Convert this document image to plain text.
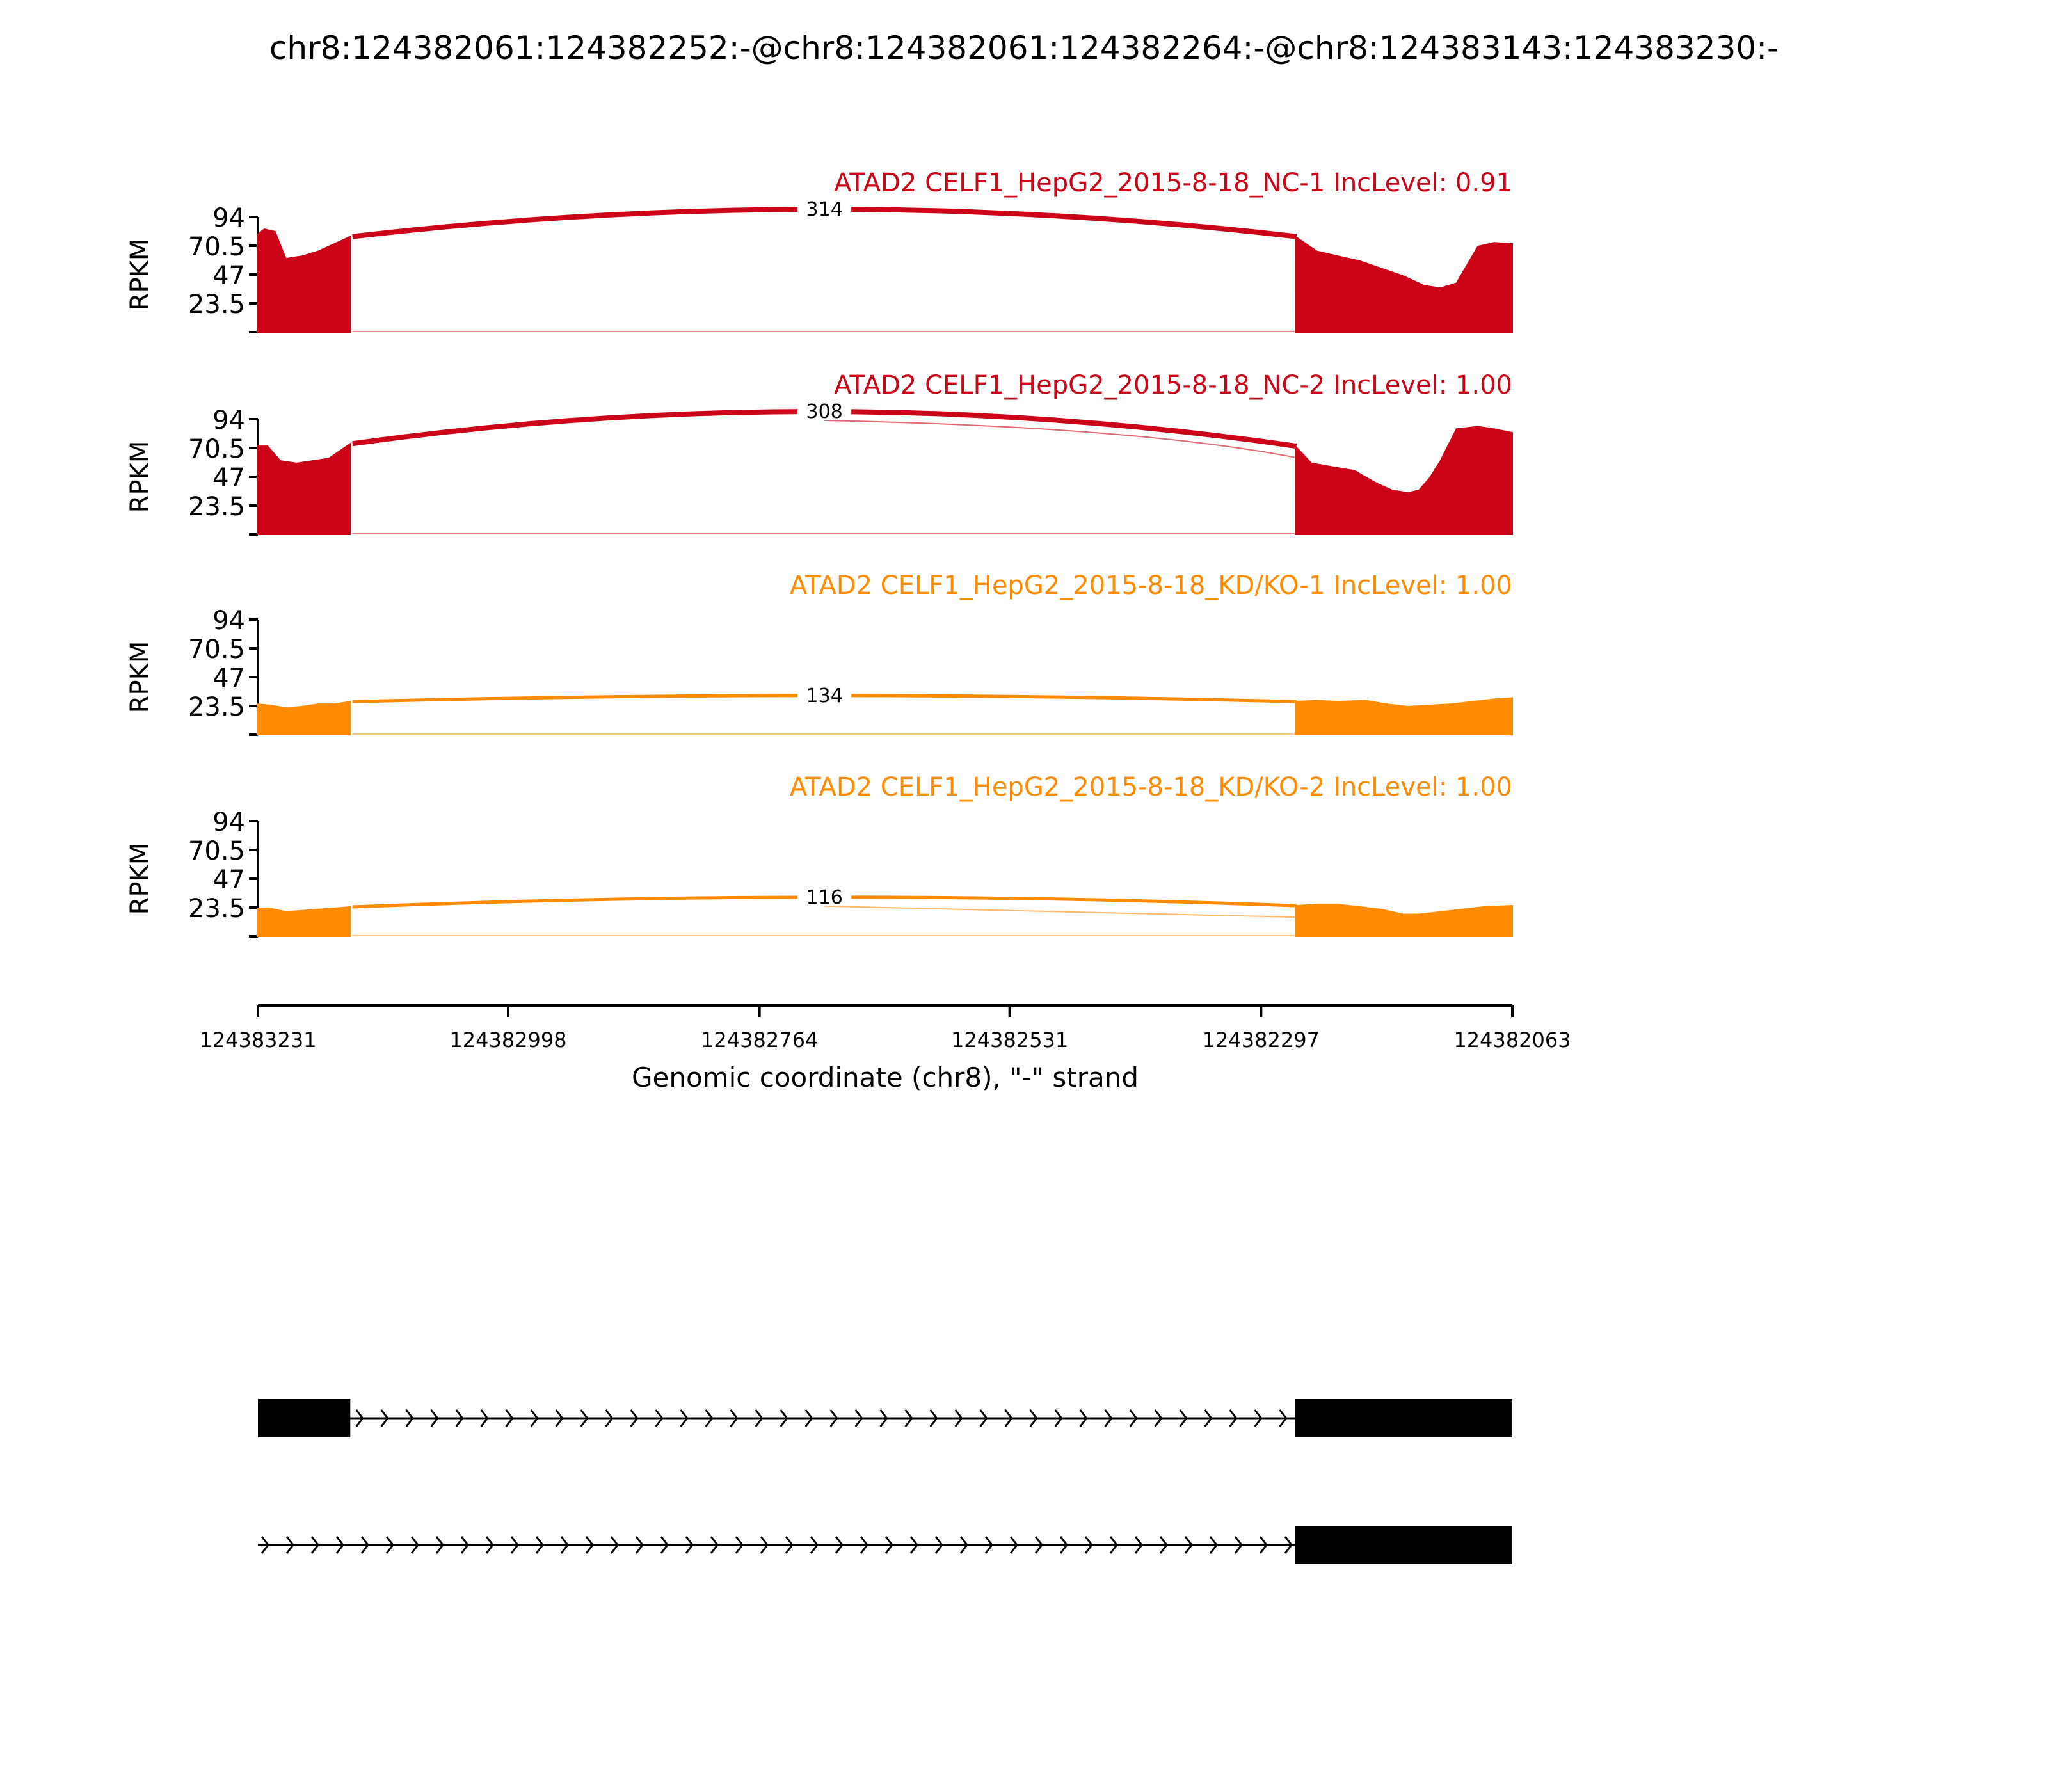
chr8:124382061:124382252:-@chr8:124382061:124382264:-@chr8:124383143:124383230:-
23.5
47
70.5
94
RPKM
ATAD2 CELF1_HepG2_2015-8-18_NC-1 IncLevel: 0.91
314
23.5
47
70.5
94
RPKM
ATAD2 CELF1_HepG2_2015-8-18_NC-2 IncLevel: 1.00
308
23.5
47
70.5
94
RPKM
ATAD2 CELF1_HepG2_2015-8-18_KD/KO-1 IncLevel: 1.00
134
23.5
47
70.5
94
RPKM
ATAD2 CELF1_HepG2_2015-8-18_KD/KO-2 IncLevel: 1.00
116
Genomic coordinate (chr8), "-" strand
124383231	124382998	124382764	124382531	124382297	124382063
